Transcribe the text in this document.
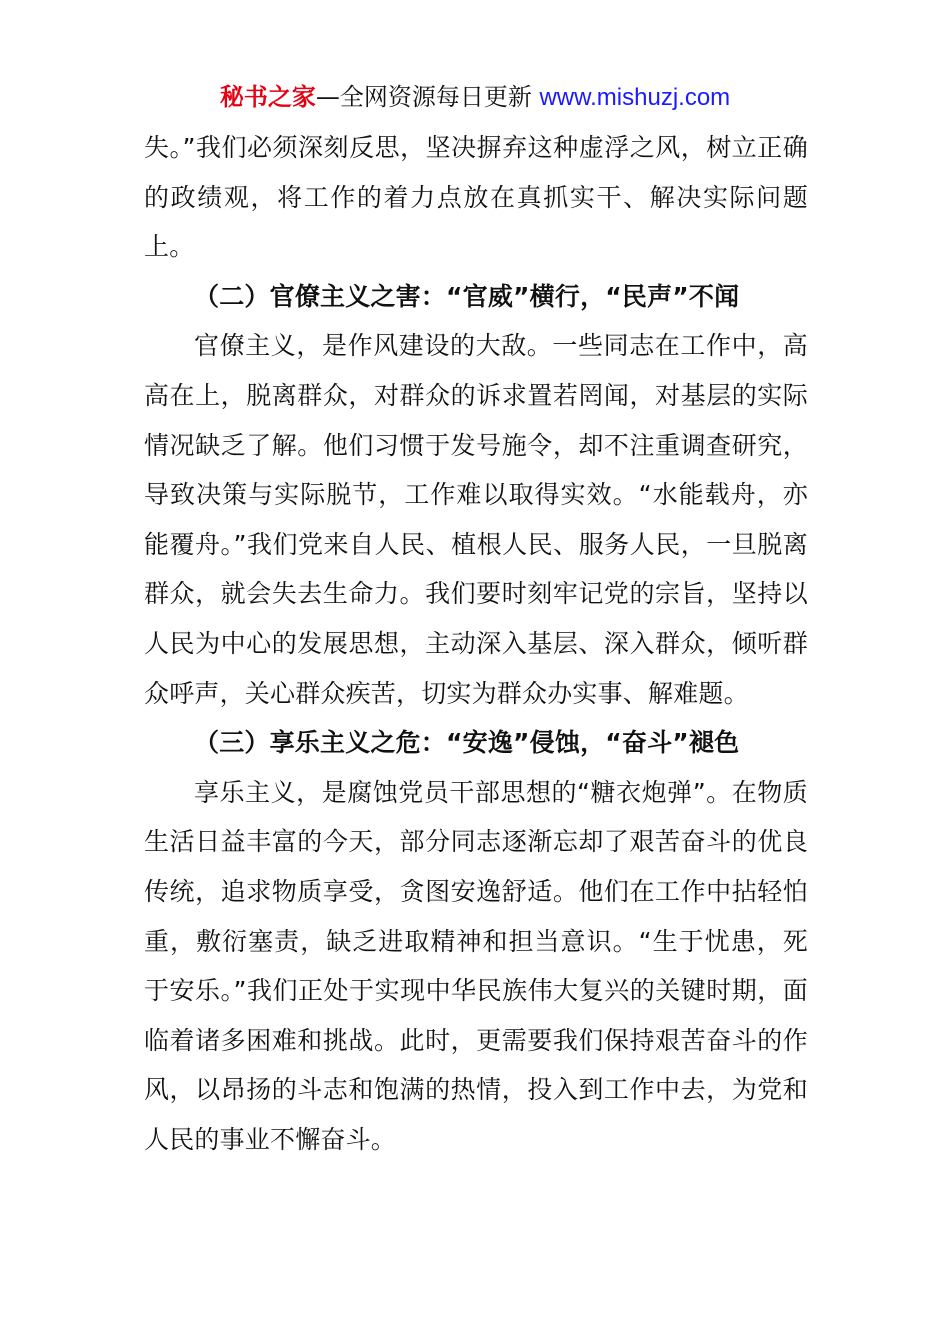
秘书之家—全网资源每日更新 www.mishuzj.com

失。”我们必须深刻反思，坚决摒弃这种虚浮之风，树立正确的政绩观，将工作的着力点放在真抓实干、解决实际问题上。

（二）官僚主义之害：“官威”横行，“民声”不闻

官僚主义，是作风建设的大敌。一些同志在工作中，高高在上，脱离群众，对群众的诉求置若罔闻，对基层的实际情况缺乏了解。他们习惯于发号施令，却不注重调查研究，导致决策与实际脱节，工作难以取得实效。“水能载舟，亦能覆舟。”我们党来自人民、植根人民、服务人民，一旦脱离群众，就会失去生命力。我们要时刻牢记党的宗旨，坚持以人民为中心的发展思想，主动深入基层、深入群众，倾听群众呼声，关心群众疾苦，切实为群众办实事、解难题。

（三）享乐主义之危：“安逸”侵蚀，“奋斗”褪色

享乐主义，是腐蚀党员干部思想的“糖衣炮弹”。在物质生活日益丰富的今天，部分同志逐渐忘却了艰苦奋斗的优良传统，追求物质享受，贪图安逸舒适。他们在工作中拈轻怕重，敷衍塞责，缺乏进取精神和担当意识。“生于忧患，死于安乐。”我们正处于实现中华民族伟大复兴的关键时期，面临着诸多困难和挑战。此时，更需要我们保持艰苦奋斗的作风，以昂扬的斗志和饱满的热情，投入到工作中去，为党和人民的事业不懈奋斗。
